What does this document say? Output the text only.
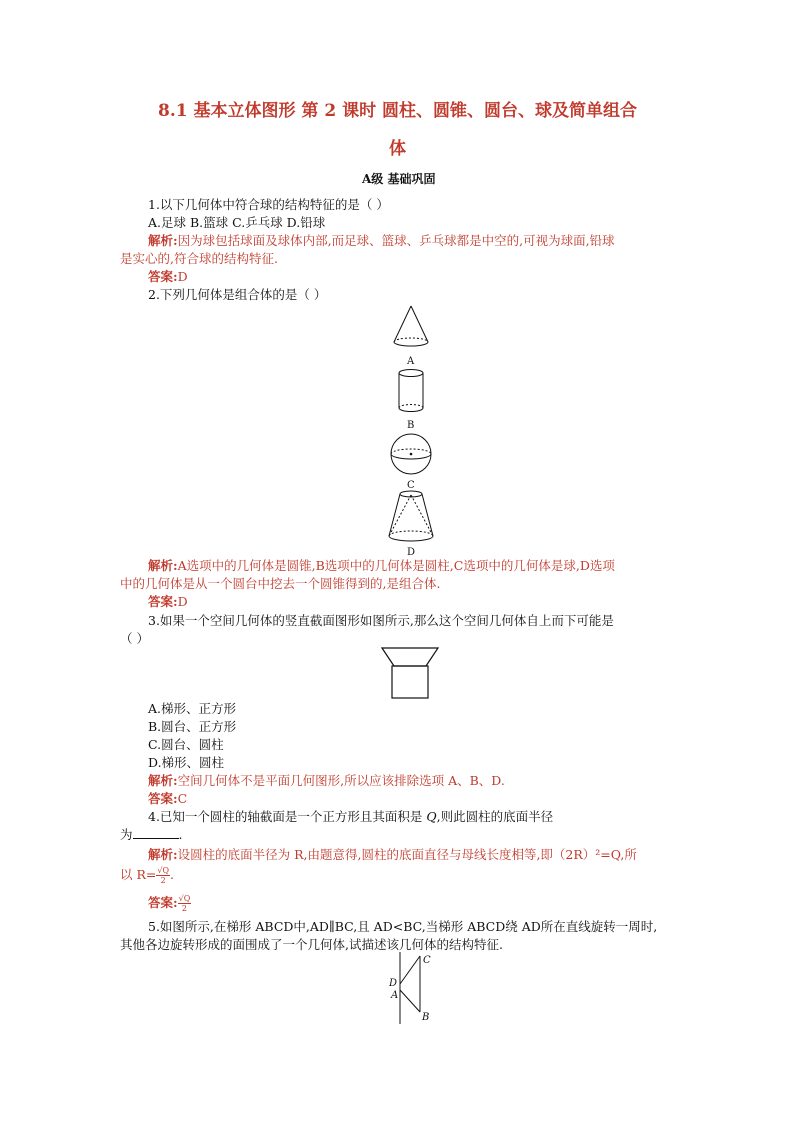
8.1 基本立体图形 第 2 课时 圆柱、圆锥、圆台、球及简单组合
体
A级 基础巩固
1.以下几何体中符合球的结构特征的是（ ）
A.足球 B.篮球 C.乒乓球 D.铅球
解析:因为球包括球面及球体内部,而足球、篮球、乒乓球都是中空的,可视为球面,铅球
是实心的,符合球的结构特征.
答案:D
2.下列几何体是组合体的是（ ）
A
B
C
D
解析:A选项中的几何体是圆锥,B选项中的几何体是圆柱,C选项中的几何体是球,D选项
中的几何体是从一个圆台中挖去一个圆锥得到的,是组合体.
答案:D
3.如果一个空间几何体的竖直截面图形如图所示,那么这个空间几何体自上而下可能是
（ ）
A.梯形、正方形
B.圆台、正方形
C.圆台、圆柱
D.梯形、圆柱
解析:空间几何体不是平面几何图形,所以应该排除选项 A、B、D.
答案:C
4.已知一个圆柱的轴截面是一个正方形且其面积是 Q,则此圆柱的底面半径
为	.
解析:设圆柱的底面半径为 R,由题意得,圆柱的底面直径与母线长度相等,即（2R）²=Q,所
以 $R= \frac{√Q}{2}$ .
答案: $\frac{√Q}{2}$
5.如图所示,在梯形 ABCD中,AD∥BC,且 AD<BC,当梯形 ABCD绕 AD所在直线旋转一周时,
其他各边旋转形成的面围成了一个几何体,试描述该几何体的结构特征.
C
D
A
B
